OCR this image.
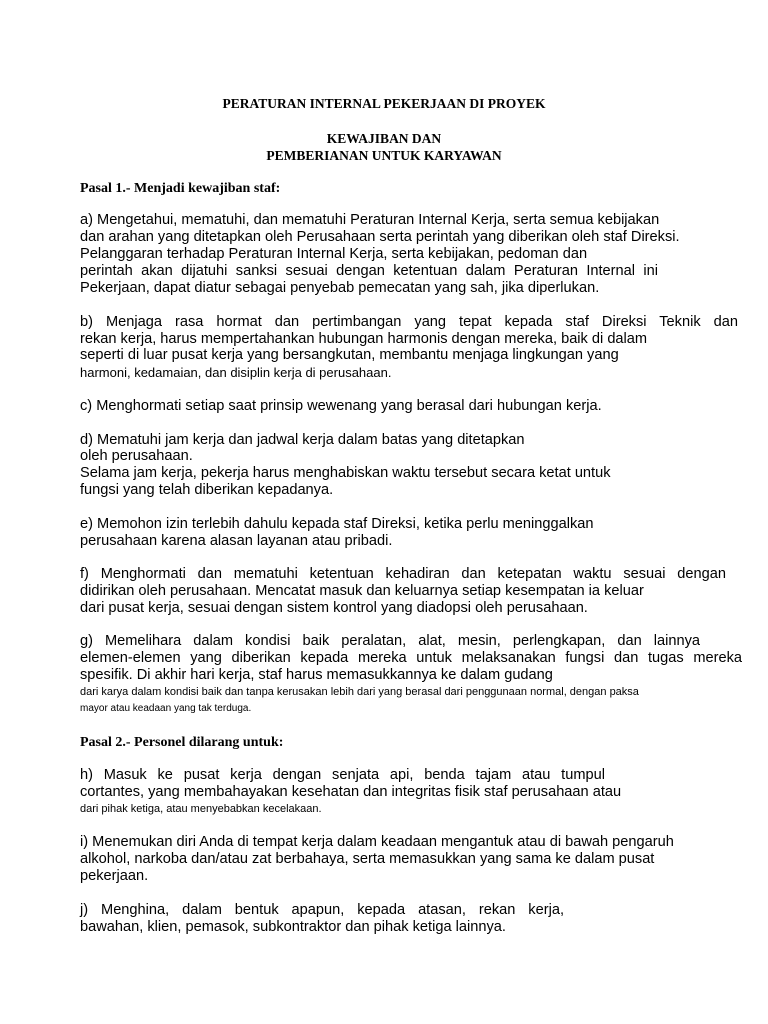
PERATURAN INTERNAL PEKERJAAN DI PROYEK
KEWAJIBAN DAN
PEMBERIANAN UNTUK KARYAWAN
Pasal 1.- Menjadi kewajiban staf:
a) Mengetahui, mematuhi, dan mematuhi Peraturan Internal Kerja, serta semua kebijakan
dan arahan yang ditetapkan oleh Perusahaan serta perintah yang diberikan oleh staf Direksi.
Pelanggaran terhadap Peraturan Internal Kerja, serta kebijakan, pedoman dan
perintah akan dijatuhi sanksi sesuai dengan ketentuan dalam Peraturan Internal ini
Pekerjaan, dapat diatur sebagai penyebab pemecatan yang sah, jika diperlukan.
b) Menjaga rasa hormat dan pertimbangan yang tepat kepada staf Direksi Teknik dan
rekan kerja, harus mempertahankan hubungan harmonis dengan mereka, baik di dalam
seperti di luar pusat kerja yang bersangkutan, membantu menjaga lingkungan yang
harmoni, kedamaian, dan disiplin kerja di perusahaan.
c) Menghormati setiap saat prinsip wewenang yang berasal dari hubungan kerja.
d) Mematuhi jam kerja dan jadwal kerja dalam batas yang ditetapkan
oleh perusahaan.
Selama jam kerja, pekerja harus menghabiskan waktu tersebut secara ketat untuk
fungsi yang telah diberikan kepadanya.
e) Memohon izin terlebih dahulu kepada staf Direksi, ketika perlu meninggalkan
perusahaan karena alasan layanan atau pribadi.
f) Menghormati dan mematuhi ketentuan kehadiran dan ketepatan waktu sesuai dengan
didirikan oleh perusahaan. Mencatat masuk dan keluarnya setiap kesempatan ia keluar
dari pusat kerja, sesuai dengan sistem kontrol yang diadopsi oleh perusahaan.
g) Memelihara dalam kondisi baik peralatan, alat, mesin, perlengkapan, dan lainnya
elemen-elemen yang diberikan kepada mereka untuk melaksanakan fungsi dan tugas mereka
spesifik. Di akhir hari kerja, staf harus memasukkannya ke dalam gudang
dari karya dalam kondisi baik dan tanpa kerusakan lebih dari yang berasal dari penggunaan normal, dengan paksa
mayor atau keadaan yang tak terduga.
Pasal 2.- Personel dilarang untuk:
h) Masuk ke pusat kerja dengan senjata api, benda tajam atau tumpul
cortantes, yang membahayakan kesehatan dan integritas fisik staf perusahaan atau
dari pihak ketiga, atau menyebabkan kecelakaan.
i) Menemukan diri Anda di tempat kerja dalam keadaan mengantuk atau di bawah pengaruh
alkohol, narkoba dan/atau zat berbahaya, serta memasukkan yang sama ke dalam pusat
pekerjaan.
j) Menghina, dalam bentuk apapun, kepada atasan, rekan kerja,
bawahan, klien, pemasok, subkontraktor dan pihak ketiga lainnya.
